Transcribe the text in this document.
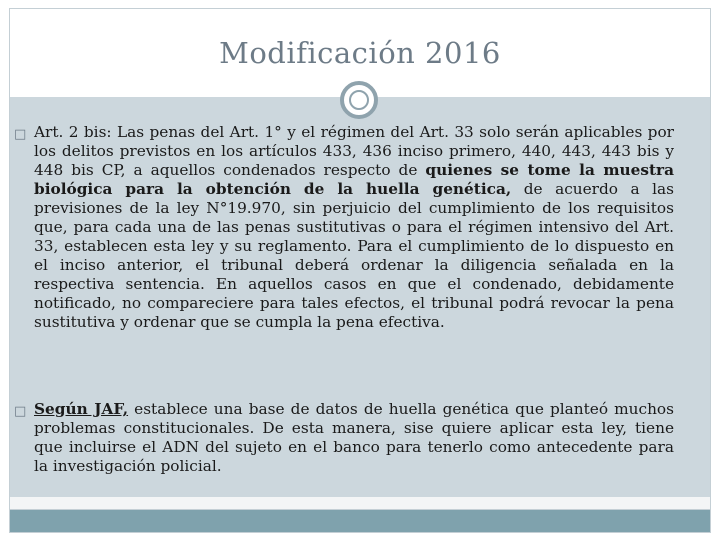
Modificación 2016
□ Art. 2 bis: Las penas del Art. 1° y el régimen del Art. 33 solo serán aplicables por los delitos previstos en los artículos 433, 436 inciso primero, 440, 443, 443 bis y 448 bis CP, a aquellos condenados respecto de quienes se tome la muestra biológica para la obtención de la huella genética, de acuerdo a las previsiones de la ley N°19.970, sin perjuicio del cumplimiento de los requisitos que, para cada una de las penas sustitutivas o para el régimen intensivo del Art. 33, establecen esta ley y su reglamento. Para el cumplimiento de lo dispuesto en el inciso anterior, el tribunal deberá ordenar la diligencia señalada en la respectiva sentencia. En aquellos casos en que el condenado, debidamente notificado, no compareciere para tales efectos, el tribunal podrá revocar la pena sustitutiva y ordenar que se cumpla la pena efectiva.
□ Según JAF, establece una base de datos de huella genética que planteó muchos problemas constitucionales. De esta manera, sise quiere aplicar esta ley, tiene que incluirse el ADN del sujeto en el banco para tenerlo como antecedente para la investigación policial.
